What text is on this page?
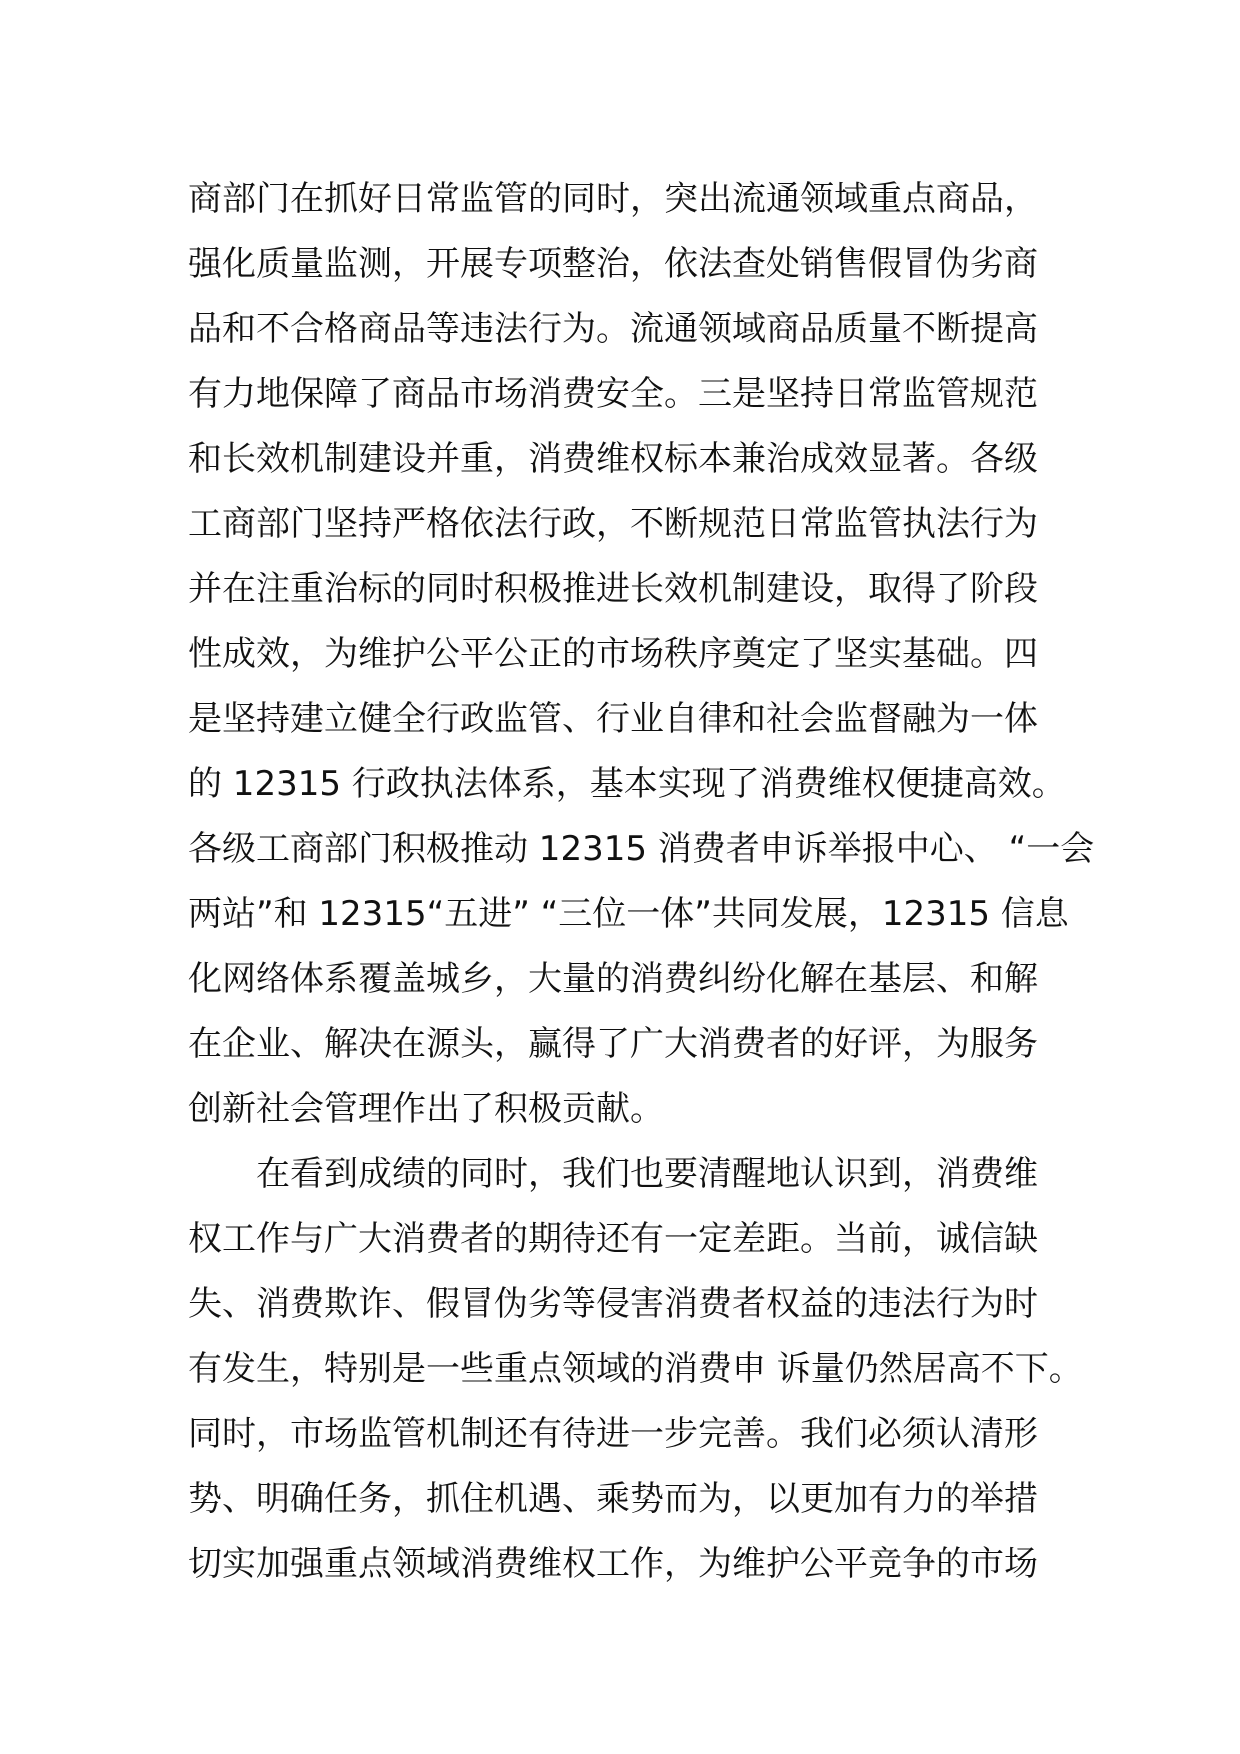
商部门在抓好日常监管的同时，突出流通领域重点商品，
强化质量监测，开展专项整治，依法查处销售假冒伪劣商
品和不合格商品等违法行为。流通领域商品质量不断提高
有力地保障了商品市场消费安全。三是坚持日常监管规范
和长效机制建设并重，消费维权标本兼治成效显著。各级
工商部门坚持严格依法行政，不断规范日常监管执法行为
并在注重治标的同时积极推进长效机制建设，取得了阶段
性成效，为维护公平公正的市场秩序奠定了坚实基础。四
是坚持建立健全行政监管、行业自律和社会监督融为一体
的 12315 行政执法体系，基本实现了消费维权便捷高效。
各级工商部门积极推动 12315 消费者申诉举报中心、 “一会
两站”和 12315“五进” “三位一体”共同发展，12315 信息
化网络体系覆盖城乡，大量的消费纠纷化解在基层、和解
在企业、解决在源头，赢得了广大消费者的好评，为服务
创新社会管理作出了积极贡献。
在看到成绩的同时，我们也要清醒地认识到，消费维
权工作与广大消费者的期待还有一定差距。当前，诚信缺
失、消费欺诈、假冒伪劣等侵害消费者权益的违法行为时
有发生，特别是一些重点领域的消费申 诉量仍然居高不下。
同时，市场监管机制还有待进一步完善。我们必须认清形
势、明确任务，抓住机遇、乘势而为，以更加有力的举措
切实加强重点领域消费维权工作，为维护公平竞争的市场
